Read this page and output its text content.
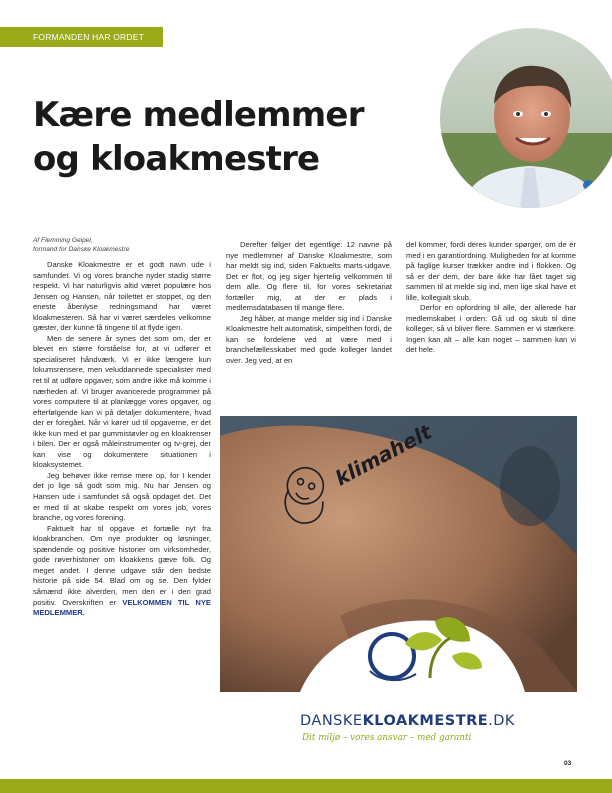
FORMANDEN HAR ORDET
Kære medlemmer
og kloakmestre

Af Flemming Geipel,
formand for Danske Kloakmestre

Danske Kloakmestre er et godt navn ude i samfundet. Vi og vores branche nyder stadig større respekt. Vi har naturligvis altid været populære hos Jensen og Hansen, når toilettet er stoppet, og den eneste åbenlyse redningsmand har været kloakmesteren. Så har vi været særdeles velkomne gæster, der kunne få tingene til at flyde igen.

Men de senere år synes det som om, der er blevet en større forståelse for, at vi udfører et specialiseret håndværk. Vi er ikke længere kun lokumsrensere, men veluddannede specialister med ret til at udføre opgaver, som andre ikke må komme i nærheden af. Vi bruger avancerede programmer på vores computere til at planlægge vores opgaver, og efterfølgende kan vi på detaljer dokumentere, hvad der er foregået. Når vi kører ud til opgaverne, er det ikke kun med et par gummistøvler og en kloakrenser i bilen. Der er også måleinstrumenter og tv-grej, der kan vise og dokumentere situationen i kloaksystemet.

Jeg behøver ikke remse mere op, for I kender det jo lige så godt som mig. Nu har Jensen og Hansen ude i samfundet så også opdaget det. Det er med til at skabe respekt om vores job, vores branche, og vores forening.

Faktuelt har til opgave et fortælle nyt fra kloakbranchen. Om nye produkter og løsninger, spændende og positive historier om virksomheder, gode røverhistorier om kloakkens gæve folk. Og meget andet. I denne udgave står den bedste historie på side 54. Blad om og se. Den fylder såmænd ikke alverden, men den er i den grad positiv. Overskriften er VELKOMMEN TIL NYE MEDLEMMER.

Derefter følger det egentlige: 12 navne på nye medlemmer af Danske Kloakmestre, som har meldt sig ind, siden Faktuelts marts-udgave. Det er flot, og jeg siger hjertelig velkommen til dem alle. Og flere til, for vores sekretariat fortæller mig, at der er plads i medlemsdatabasen til mange flere.

Jeg håber, at mange melder sig ind i Danske Kloakmestre helt automatisk, simpelthen fordi, de kan se fordelene ved at være med i branchefællesskabet med gode kolleger landet over. Jeg ved, at en

del kommer, fordi deres kunder spørger, om de er med i en garantiordning. Muligheden for at komme på faglige kurser trækker andre ind i flokken. Og så er der dem, der bare ikke har fået taget sig sammen til at melde sig ind, men lige skal have et lille, kollegialt skub.

Derfor en opfordring til alle, der allerede har medlemskabet i orden: Gå ud og skub til dine kolleger, så vi bliver flere. Sammen er vi stærkere. Ingen kan alt – alle kan noget – sammen kan vi det hele.

klimahelt
DANSKEKLOAKMESTRE.DK
Dit miljø – vores ansvar – med garanti
03
